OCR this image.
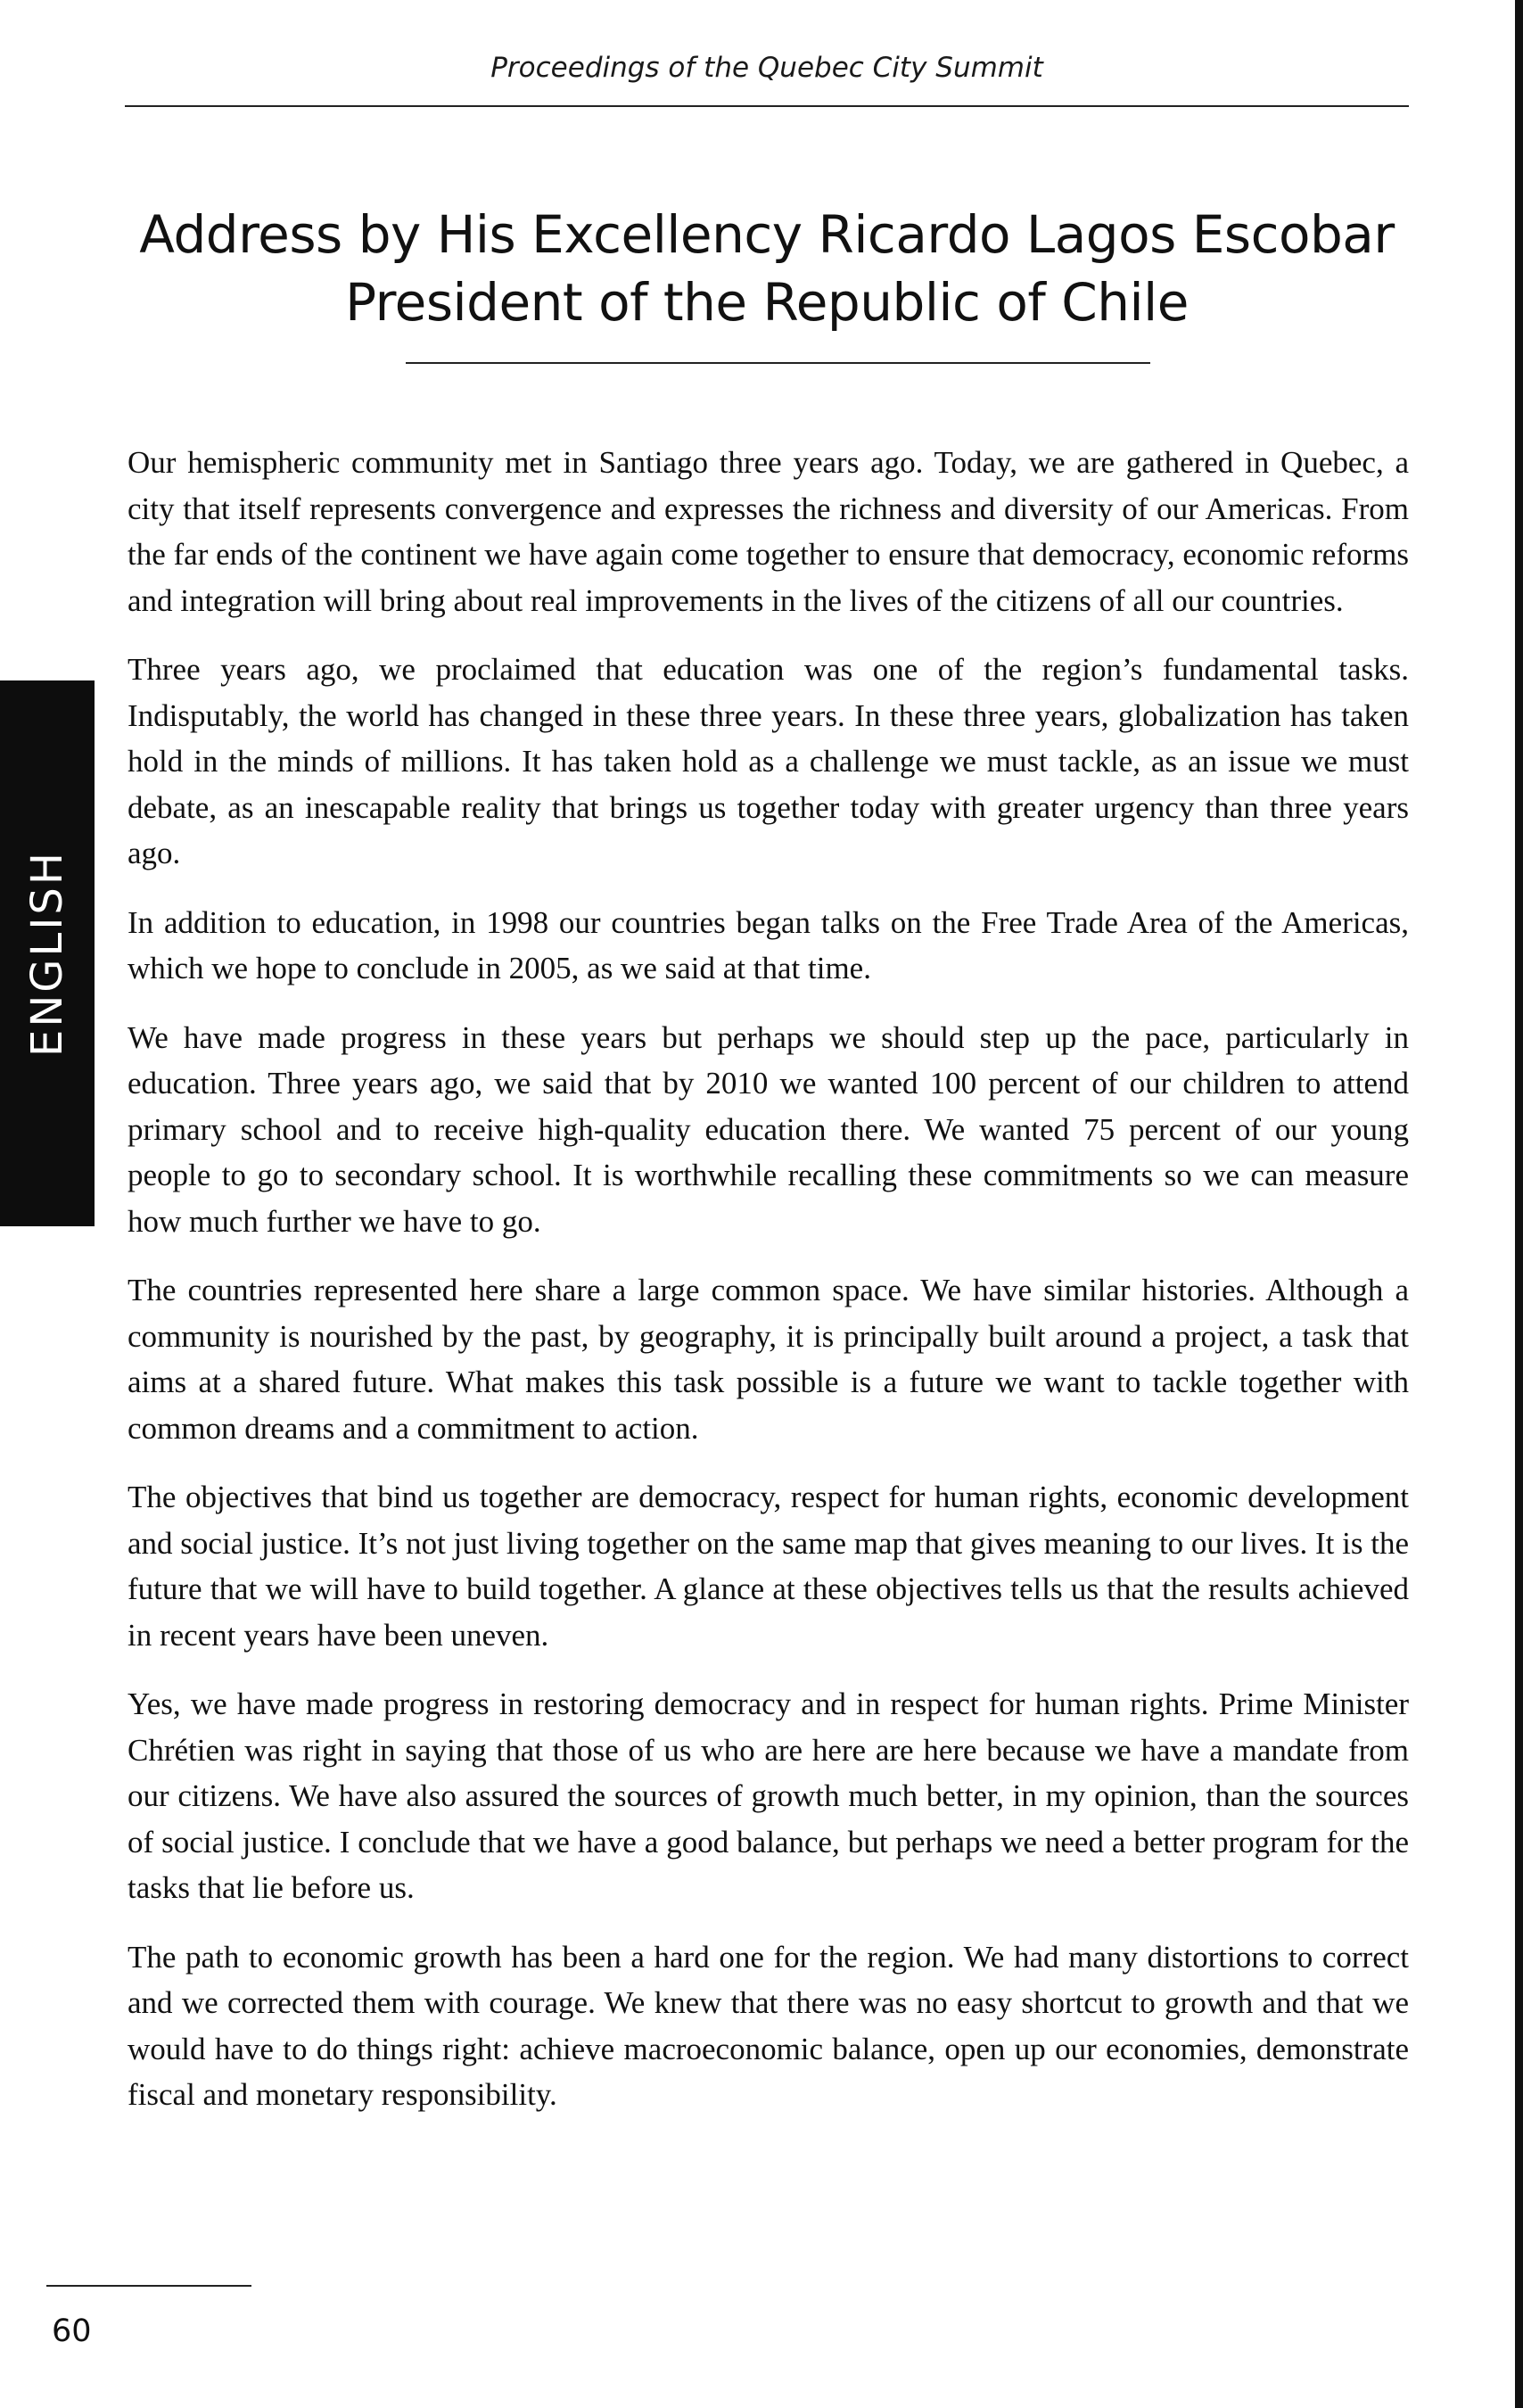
Proceedings of the Quebec City Summit
Address by His Excellency Ricardo Lagos Escobar
President of the Republic of Chile
ENGLISH

Our hemispheric community met in Santiago three years ago. Today, we are gathered in Quebec, a city that itself represents convergence and expresses the richness and diversity of our Americas. From the far ends of the continent we have again come together to ensure that democracy, economic reforms and integration will bring about real improvements in the lives of the citizens of all our countries.

Three years ago, we proclaimed that education was one of the region’s fundamental tasks. Indisputably, the world has changed in these three years. In these three years, globalization has taken hold in the minds of millions. It has taken hold as a challenge we must tackle, as an issue we must debate, as an inescapable reality that brings us together today with greater urgency than three years ago.

In addition to education, in 1998 our countries began talks on the Free Trade Area of the Americas, which we hope to conclude in 2005, as we said at that time.

We have made progress in these years but perhaps we should step up the pace, particularly in education. Three years ago, we said that by 2010 we wanted 100 percent of our children to attend primary school and to receive high-quality education there. We wanted 75 percent of our young people to go to secondary school. It is worthwhile recalling these commitments so we can measure how much further we have to go.

The countries represented here share a large common space. We have similar histories. Although a community is nourished by the past, by geography, it is principally built around a project, a task that aims at a shared future. What makes this task possible is a future we want to tackle together with common dreams and a commitment to action.

The objectives that bind us together are democracy, respect for human rights, economic development and social justice. It’s not just living together on the same map that gives meaning to our lives. It is the future that we will have to build together. A glance at these objectives tells us that the results achieved in recent years have been uneven.

Yes, we have made progress in restoring democracy and in respect for human rights. Prime Minister Chrétien was right in saying that those of us who are here are here because we have a mandate from our citizens. We have also assured the sources of growth much better, in my opinion, than the sources of social justice. I conclude that we have a good balance, but perhaps we need a better program for the tasks that lie before us.

The path to economic growth has been a hard one for the region. We had many distortions to correct and we corrected them with courage. We knew that there was no easy shortcut to growth and that we would have to do things right: achieve macroeconomic balance, open up our economies, demonstrate fiscal and monetary responsibility.

60
